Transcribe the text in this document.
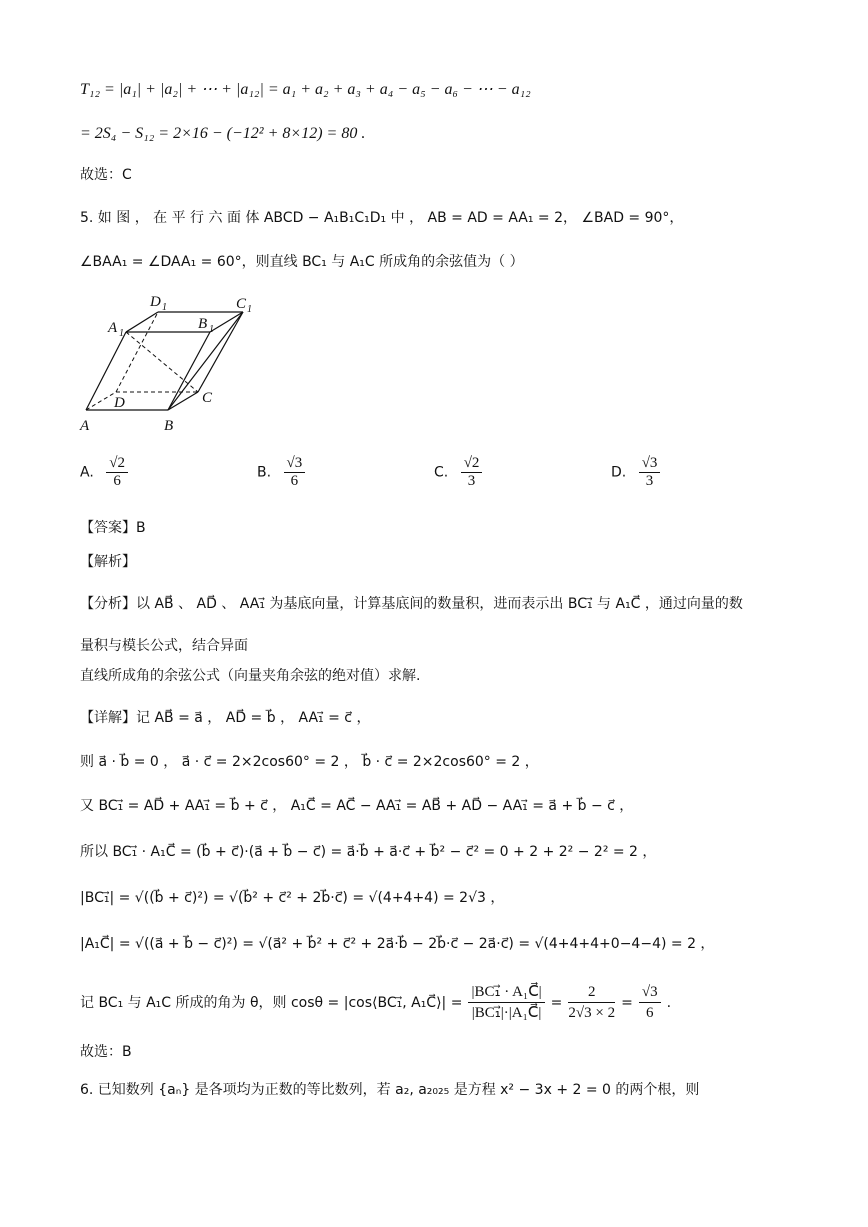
T₁₂ = |a₁| + |a₂| + ⋯ + |a₁₂| = a₁ + a₂ + a₃ + a₄ − a₅ − a₆ − ⋯ − a₁₂
= 2S₄ − S₁₂ = 2×16 − (−12² + 8×12) = 80 .
故选：C
5. 如 图 ， 在 平 行 六 面 体 ABCD − A₁B₁C₁D₁ 中 ， AB = AD = AA₁ = 2， ∠BAD = 90°，
∠BAA₁ = ∠DAA₁ = 60°，则直线 BC₁ 与 A₁C 所成角的余弦值为（ ）
A	B
C
D
A 1
B 1
C 1
D 1
A. $\frac{√2}{6}$	B. $\frac{√3}{6}$	C. $\frac{√2}{3}$	D. $\frac{√3}{3}$
【答案】B
【解析】
【分析】以 AB⃗ 、 AD⃗ 、 AA₁⃗ 为基底向量，计算基底间的数量积，进而表示出 BC₁⃗ 与 A₁C⃗ ，通过向量的数
量积与模长公式，结合异面
直线所成角的余弦公式（向量夹角余弦的绝对值）求解.
【详解】记 AB⃗ = a⃗ ， AD⃗ = b⃗ ， AA₁⃗ = c⃗ ，
则 a⃗ · b⃗ = 0 ， a⃗ · c⃗ = 2×2cos60° = 2 ， b⃗ · c⃗ = 2×2cos60° = 2 ，
又 BC₁⃗ = AD⃗ + AA₁⃗ = b⃗ + c⃗ ， A₁C⃗ = AC⃗ − AA₁⃗ = AB⃗ + AD⃗ − AA₁⃗ = a⃗ + b⃗ − c⃗ ，
所以 BC₁⃗ · A₁C⃗ = (b⃗ + c⃗)·(a⃗ + b⃗ − c⃗) = a⃗·b⃗ + a⃗·c⃗ + b⃗² − c⃗² = 0 + 2 + 2² − 2² = 2 ，
|BC₁⃗| = √((b⃗ + c⃗)²) = √(b⃗² + c⃗² + 2b⃗·c⃗) = √(4+4+4) = 2√3 ，
|A₁C⃗| = √((a⃗ + b⃗ − c⃗)²) = √(a⃗² + b⃗² + c⃗² + 2a⃗·b⃗ − 2b⃗·c⃗ − 2a⃗·c⃗) = √(4+4+4+0−4−4) = 2 ，
记 BC₁ 与 A₁C 所成的角为 θ，则 cosθ = |cos⟨BC₁⃗, A₁C⃗⟩| = $\frac{\text{|BC₁⃗ · A₁C⃗|}}{\text{|BC₁⃗|·|A₁C⃗|}} = \frac{2}{2√3 \times 2} = \frac{√3}{6}$ .
故选：B
6. 已知数列 {aₙ} 是各项均为正数的等比数列，若 a₂, a₂₀₂₅ 是方程 x² − 3x + 2 = 0 的两个根，则
